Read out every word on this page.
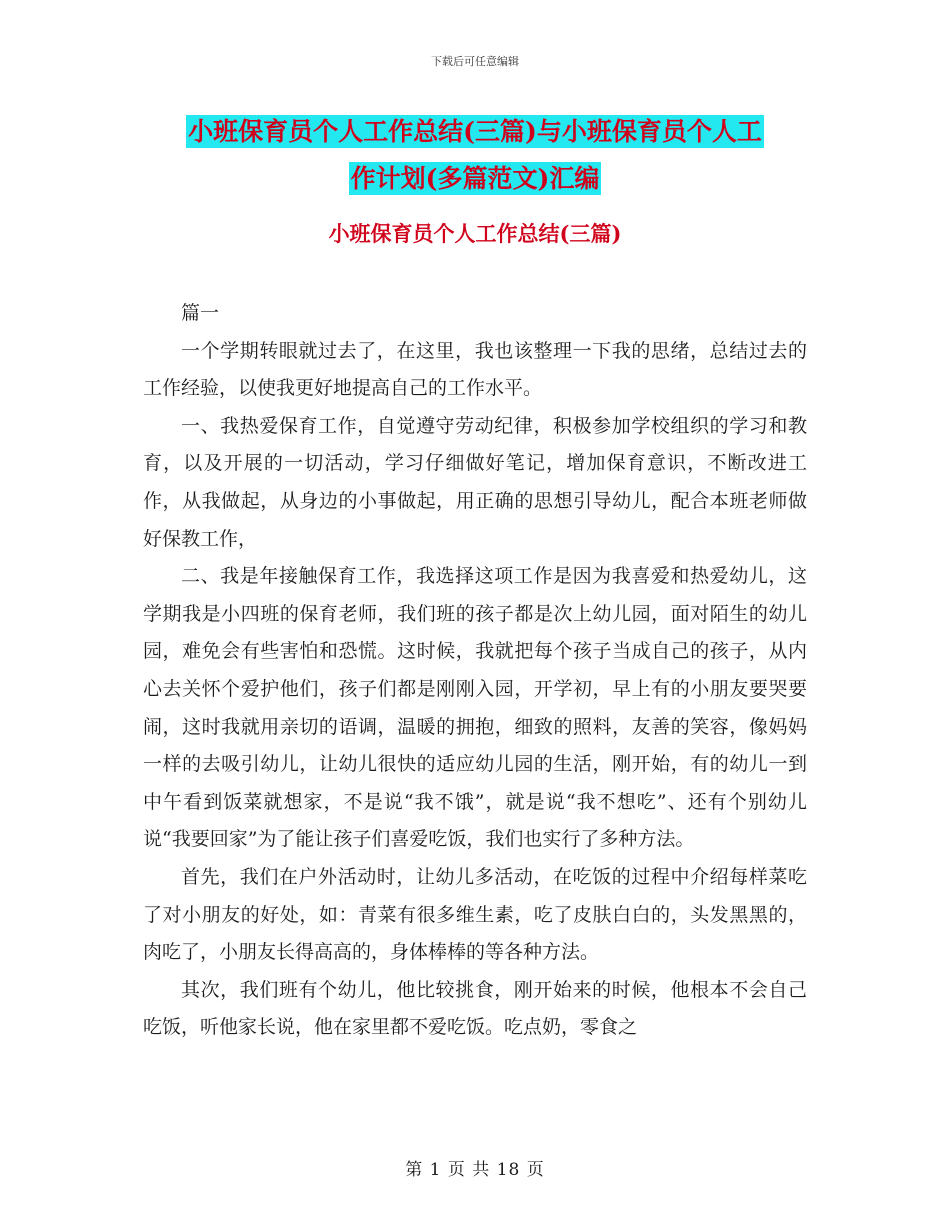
下载后可任意编辑
小班保育员个人工作总结(三篇)与小班保育员个人工
作计划(多篇范文)汇编
小班保育员个人工作总结(三篇)

篇一

一个学期转眼就过去了，在这里，我也该整理一下我的思绪，总结过去的工作经验，以使我更好地提高自己的工作水平。

一、我热爱保育工作，自觉遵守劳动纪律，积极参加学校组织的学习和教育，以及开展的一切活动，学习仔细做好笔记，增加保育意识，不断改进工作，从我做起，从身边的小事做起，用正确的思想引导幼儿，配合本班老师做好保教工作，

二、我是年接触保育工作，我选择这项工作是因为我喜爱和热爱幼儿，这学期我是小四班的保育老师，我们班的孩子都是次上幼儿园，面对陌生的幼儿园，难免会有些害怕和恐慌。这时候，我就把每个孩子当成自己的孩子，从内心去关怀个爱护他们，孩子们都是刚刚入园，开学初，早上有的小朋友要哭要闹，这时我就用亲切的语调，温暖的拥抱，细致的照料，友善的笑容，像妈妈一样的去吸引幼儿，让幼儿很快的适应幼儿园的生活，刚开始，有的幼儿一到中午看到饭菜就想家，不是说“我不饿”，就是说“我不想吃”、还有个别幼儿说“我要回家”为了能让孩子们喜爱吃饭，我们也实行了多种方法。

首先，我们在户外活动时，让幼儿多活动，在吃饭的过程中介绍每样菜吃了对小朋友的好处，如：青菜有很多维生素，吃了皮肤白白的，头发黑黑的，肉吃了，小朋友长得高高的，身体棒棒的等各种方法。

其次，我们班有个幼儿，他比较挑食，刚开始来的时候，他根本不会自己吃饭，听他家长说，他在家里都不爱吃饭。吃点奶，零食之

第 1 页 共 18 页
